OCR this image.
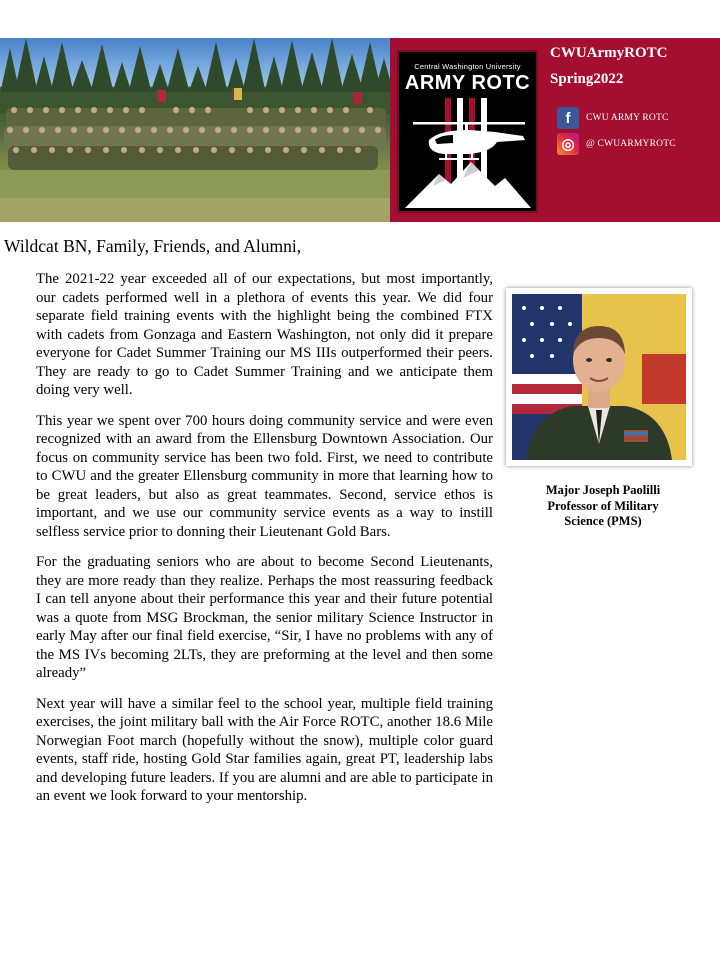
Central Washington University
ARMY ROTC
CWUArmyROTC
Spring2022
f	CWU ARMY ROTC
◎	@ CWUARMYROTC
Wildcat BN, Family, Friends, and Alumni,

The 2021-22 year exceeded all of our expectations, but most importantly, our cadets performed well in a plethora of events this year. We did four separate field training events with the highlight being the combined FTX with cadets from Gonzaga and Eastern Washington, not only did it prepare everyone for Cadet Summer Training our MS IIIs outperformed their peers. They are ready to go to Cadet Summer Training and we anticipate them doing very well.

This year we spent over 700 hours doing community service and were even recognized with an award from the Ellensburg Downtown Association. Our focus on community service has been two fold. First, we need to contribute to CWU and the greater Ellensburg community in more that learning how to be great leaders, but also as great teammates. Second, service ethos is important, and we use our community service events as a way to instill selfless service prior to donning their Lieutenant Gold Bars.

For the graduating seniors who are about to become Second Lieutenants, they are more ready than they realize. Perhaps the most reassuring feedback I can tell anyone about their performance this year and their future potential was a quote from MSG Brockman, the senior military Science Instructor in early May after our final field exercise, “Sir, I have no problems with any of the MS IVs becoming 2LTs, they are preforming at the level and then some already”

Next year will have a similar feel to the school year, multiple field training exercises, the joint military ball with the Air Force ROTC, another 18.6 Mile Norwegian Foot march (hopefully without the snow), multiple color guard events, staff ride, hosting Gold Star families again, great PT, leadership labs and developing future leaders. If you are alumni and are able to participate in an event we look forward to your mentorship.

Major Joseph Paolilli
Professor of Military
Science (PMS)
